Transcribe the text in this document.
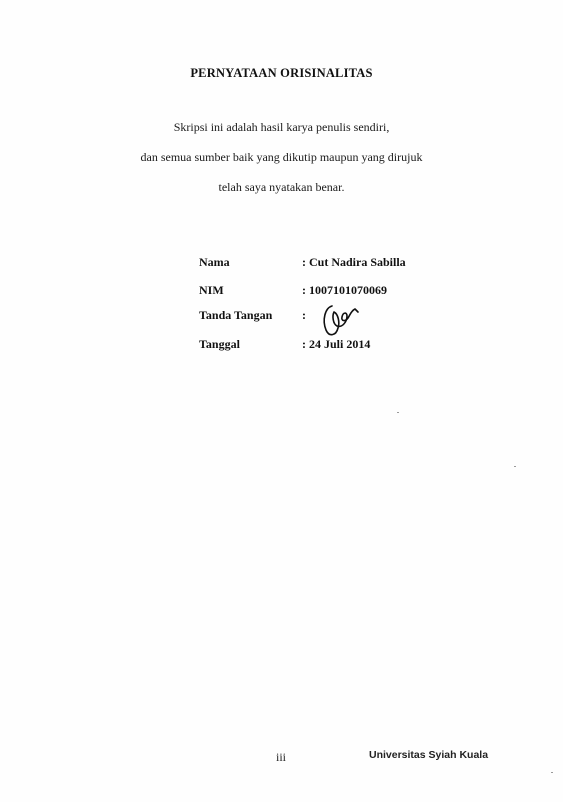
PERNYATAAN ORISINALITAS
Skripsi ini adalah hasil karya penulis sendiri,
dan semua sumber baik yang dikutip maupun yang dirujuk
telah saya nyatakan benar.
Nama	: Cut Nadira Sabilla
NIM	: 1007101070069
Tanda Tangan :
Tanggal	: 24 Juli 2014
iii	Universitas Syiah Kuala
